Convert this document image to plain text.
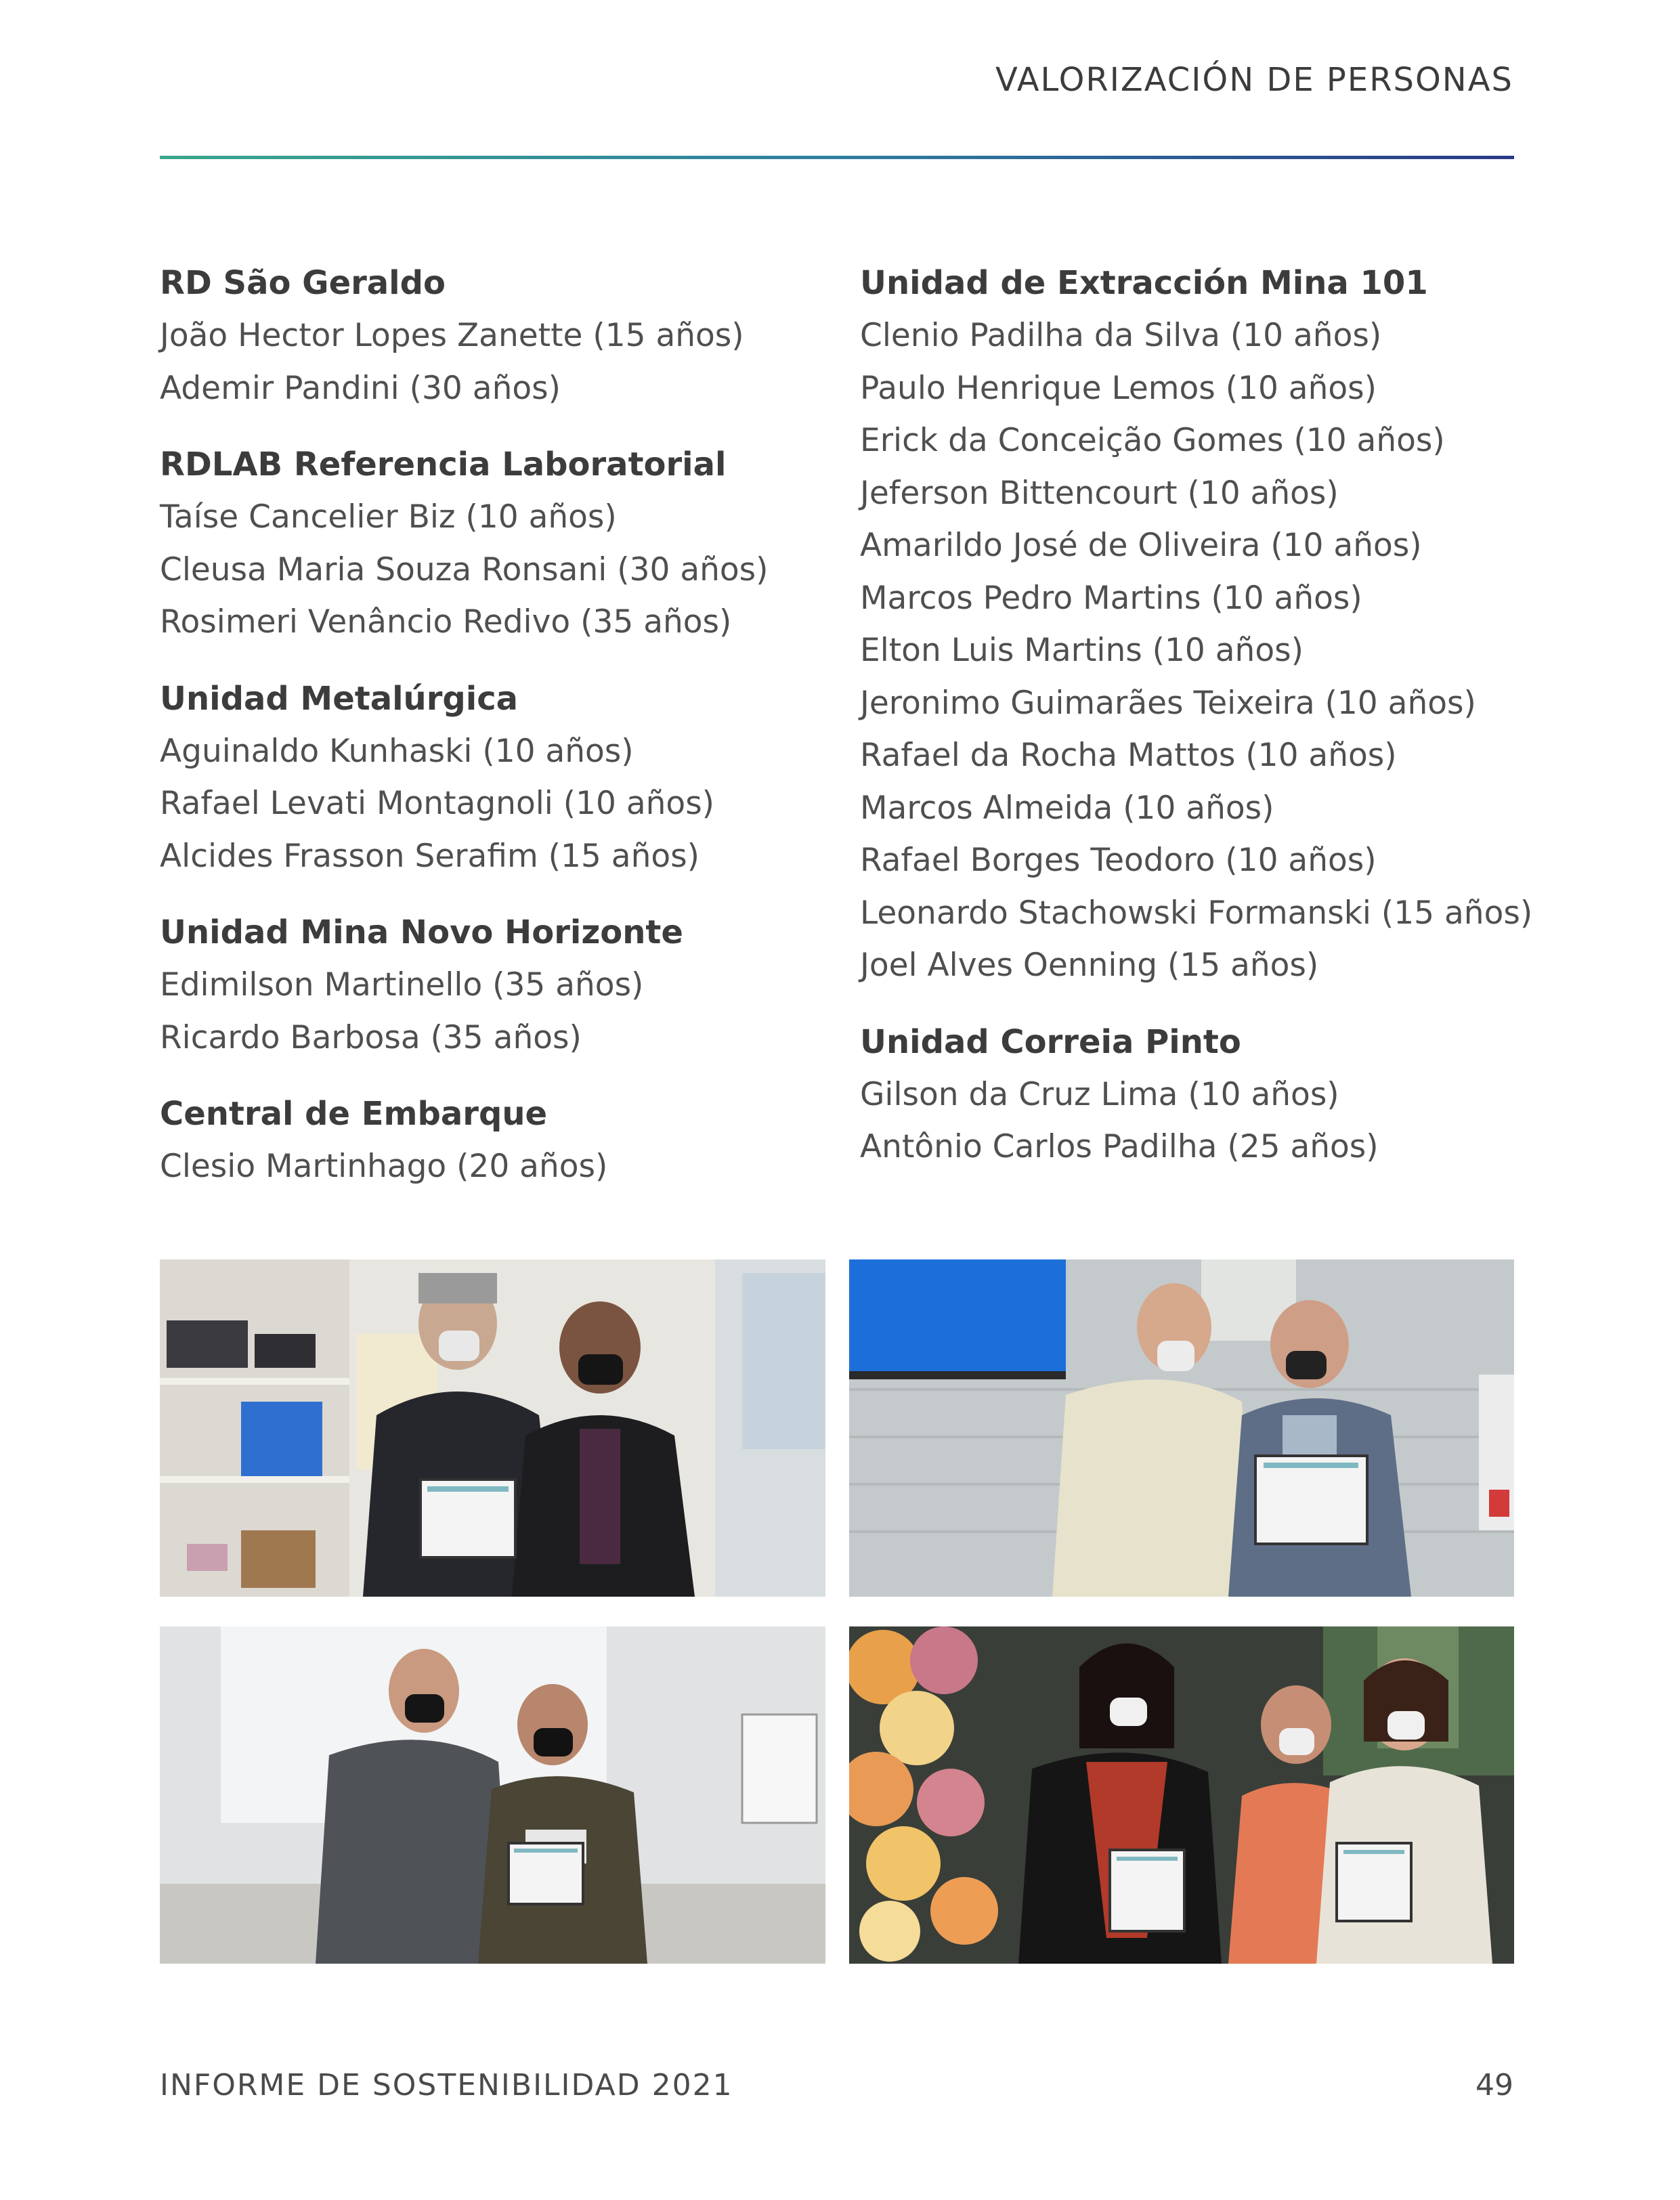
VALORIZACIÓN DE PERSONAS

RD São Geraldo

João Hector Lopes Zanette (15 años)

Ademir Pandini (30 años)

RDLAB Referencia Laboratorial

Taíse Cancelier Biz (10 años)

Cleusa Maria Souza Ronsani (30 años)

Rosimeri Venâncio Redivo (35 años)

Unidad Metalúrgica

Aguinaldo Kunhaski (10 años)

Rafael Levati Montagnoli (10 años)

Alcides Frasson Serafim (15 años)

Unidad Mina Novo Horizonte

Edimilson Martinello (35 años)

Ricardo Barbosa (35 años)

Central de Embarque

Clesio Martinhago (20 años)

Unidad de Extracción Mina 101

Clenio Padilha da Silva (10 años)

Paulo Henrique Lemos (10 años)

Erick da Conceição Gomes (10 años)

Jeferson Bittencourt (10 años)

Amarildo José de Oliveira (10 años)

Marcos Pedro Martins (10 años)

Elton Luis Martins (10 años)

Jeronimo Guimarães Teixeira (10 años)

Rafael da Rocha Mattos (10 años)

Marcos Almeida (10 años)

Rafael Borges Teodoro (10 años)

Leonardo Stachowski Formanski (15 años)

Joel Alves Oenning (15 años)

Unidad Correia Pinto

Gilson da Cruz Lima (10 años)

Antônio Carlos Padilha (25 años)

INFORME DE SOSTENIBILIDAD 2021	49
